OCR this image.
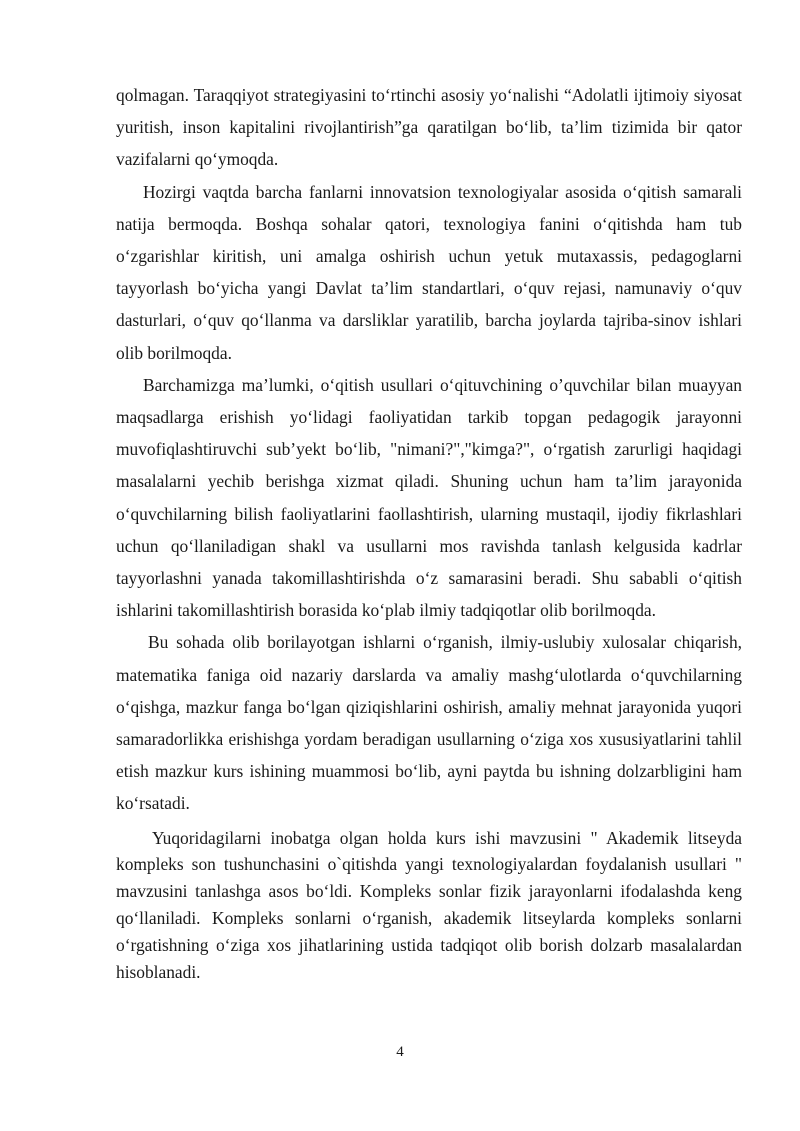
qolmagan. Taraqqiyot strategiyasini to‘rtinchi asosiy yo‘nalishi “Adolatli ijtimoiy siyosat yuritish, inson kapitalini rivojlantirish”ga qaratilgan bo‘lib, ta’lim tizimida bir qator vazifalarni qo‘ymoqda.

Hozirgi vaqtda barcha fanlarni innovatsion texnologiyalar asosida o‘qitish samarali natija bermoqda. Boshqa sohalar qatori, texnologiya fanini o‘qitishda ham tub o‘zgarishlar kiritish, uni amalga oshirish uchun yetuk mutaxassis, pedagoglarni tayyorlash bo‘yicha yangi Davlat ta’lim standartlari, o‘quv rejasi, namunaviy o‘quv dasturlari, o‘quv qo‘llanma va darsliklar yaratilib, barcha joylarda tajriba-sinov ishlari olib borilmoqda.

Barchamizga ma’lumki, o‘qitish usullari o‘qituvchining o’quvchilar bilan muayyan maqsadlarga erishish yo‘lidagi faoliyatidan tarkib topgan pedagogik jarayonni muvofiqlashtiruvchi sub’yekt bo‘lib, "nimani?","kimga?", o‘rgatish zarurligi haqidagi masalalarni yechib berishga xizmat qiladi. Shuning uchun ham ta’lim jarayonida o‘quvchilarning bilish faoliyatlarini faollashtirish, ularning mustaqil, ijodiy fikrlashlari uchun qo‘llaniladigan shakl va usullarni mos ravishda tanlash kelgusida kadrlar tayyorlashni yanada takomillashtirishda o‘z samarasini beradi. Shu sababli o‘qitish ishlarini takomillashtirish borasida ko‘plab ilmiy tadqiqotlar olib borilmoqda.

Bu sohada olib borilayotgan ishlarni o‘rganish, ilmiy-uslubiy xulosalar chiqarish, matematika faniga oid nazariy darslarda va amaliy mashg‘ulotlarda o‘quvchilarning o‘qishga, mazkur fanga bo‘lgan qiziqishlarini oshirish, amaliy mehnat jarayonida yuqori samaradorlikka erishishga yordam beradigan usullarning o‘ziga xos xususiyatlarini tahlil etish mazkur kurs ishining muammosi bo‘lib, ayni paytda bu ishning dolzarbligini ham ko‘rsatadi.

Yuqoridagilarni inobatga olgan holda kurs ishi mavzusini " Akademik litseyda kompleks son tushunchasini o`qitishda yangi texnologiyalardan foydalanish usullari " mavzusini tanlashga asos bo‘ldi. Kompleks sonlar fizik jarayonlarni ifodalashda keng qo‘llaniladi. Kompleks sonlarni o‘rganish, akademik litseylarda kompleks sonlarni o‘rgatishning o‘ziga xos jihatlarining ustida tadqiqot olib borish dolzarb masalalardan hisoblanadi.

4
